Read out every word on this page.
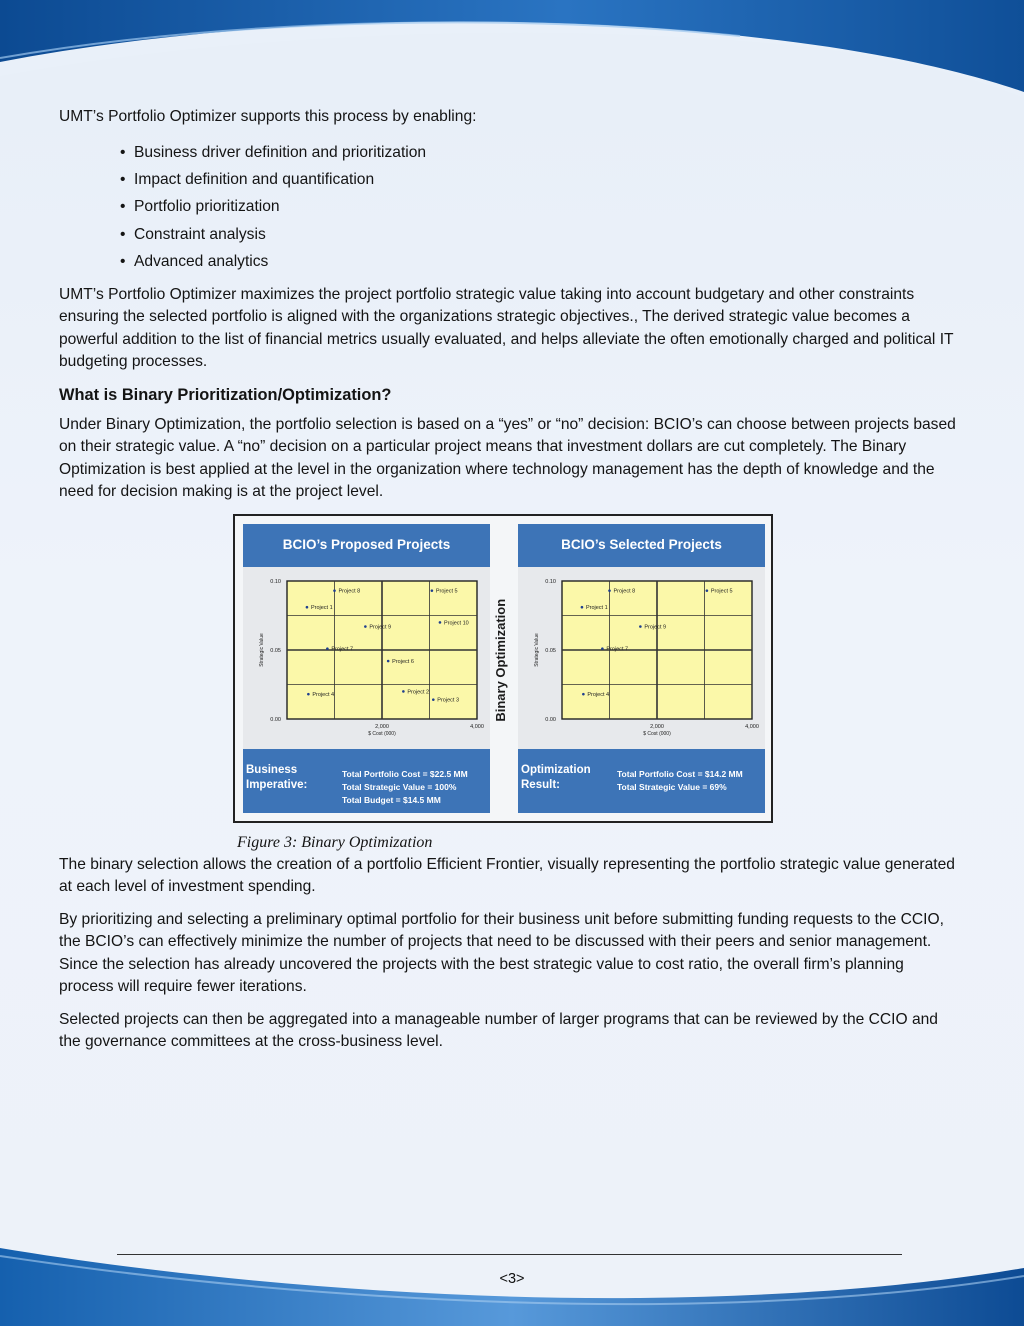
UMT’s Portfolio Optimizer supports this process by enabling:

• Business driver definition and prioritization
• Impact definition and quantification
• Portfolio prioritization
• Constraint analysis
• Advanced analytics

UMT’s Portfolio Optimizer maximizes the project portfolio strategic value taking into account budgetary and other constraints ensuring the selected portfolio is aligned with the organizations strategic objectives., The derived strategic value becomes a powerful addition to the list of financial metrics usually evaluated, and helps alleviate the often emotionally charged and political IT budgeting processes.

What is Binary Prioritization/Optimization?

Under Binary Optimization, the portfolio selection is based on a “yes” or “no” decision: BCIO’s can choose between projects based on their strategic value. A “no” decision on a particular project means that investment dollars are cut completely. The Binary Optimization is best applied at the level in the organization where technology management has the depth of knowledge and the need for decision making is at the project level.

BCIO’s Proposed Projects
0.00
0.05
0.10
2,000	4,000
$ Cost (000)
Strategic Value
Project 8	Project 5
Project 1
Project 10
Project 9
Project 7
Project 6
Project 2
Project 4
Project 3
Business Imperative:
Total Portfolio Cost = $22.5 MM
Total Strategic Value = 100%
Total Budget = $14.5 MM
Binary Optimization
BCIO’s Selected Projects
0.00
0.05
0.10
2,000	4,000
$ Cost (000)
Strategic Value
Project 8	Project 5
Project 1
Project 9
Project 7
Project 4
Optimization Result:
Total Portfolio Cost = $14.2 MM
Total Strategic Value = 69%
Figure 3: Binary Optimization

The binary selection allows the creation of a portfolio Efficient Frontier, visually representing the portfolio strategic value generated at each level of investment spending.

By prioritizing and selecting a preliminary optimal portfolio for their business unit before submitting funding requests to the CCIO, the BCIO’s can effectively minimize the number of projects that need to be discussed with their peers and senior management. Since the selection has already uncovered the projects with the best strategic value to cost ratio, the overall firm’s planning process will require fewer iterations.

Selected projects can then be aggregated into a manageable number of larger programs that can be reviewed by the CCIO and the governance committees at the cross-business level.

<3>
